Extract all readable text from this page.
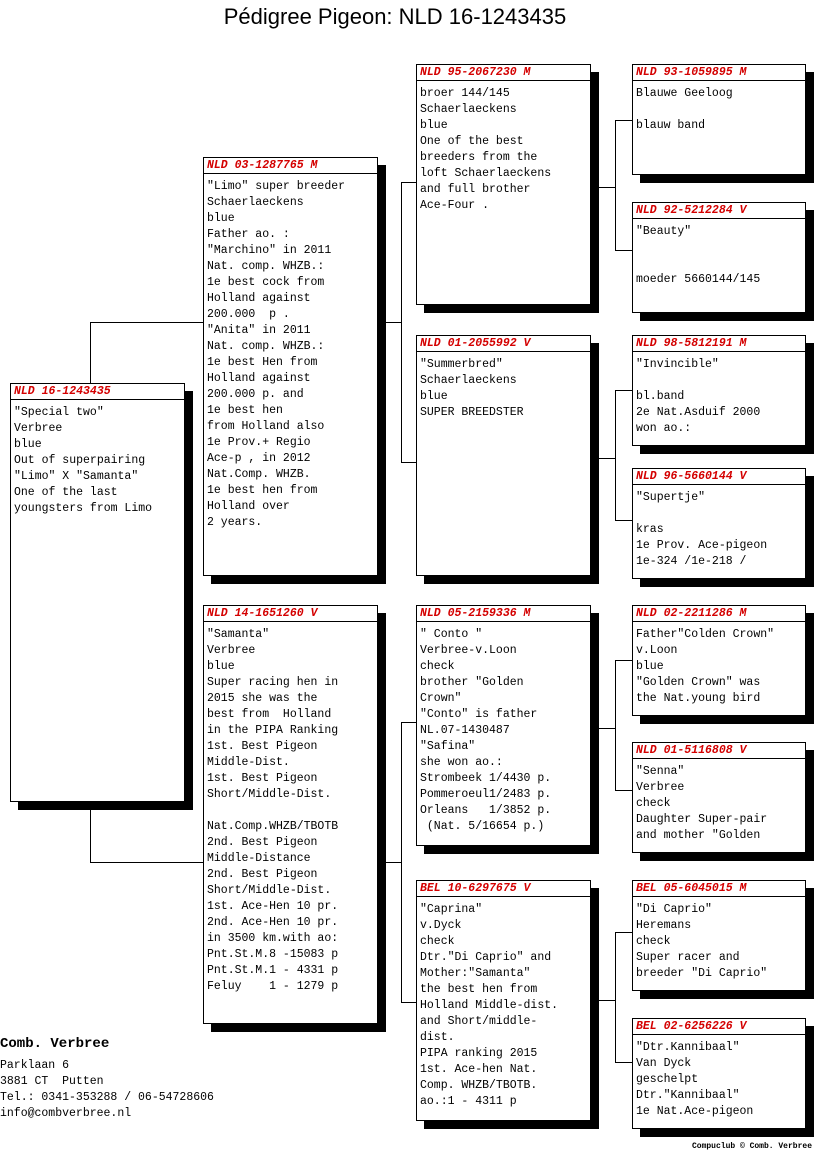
Pédigree Pigeon: NLD 16-1243435
NLD 16-1243435
"Special two"
Verbree
blue
Out of superpairing
"Limo" X "Samanta"
One of the last
youngsters from Limo
NLD 03-1287765 M
"Limo" super breeder
Schaerlaeckens
blue
Father ao. :
"Marchino" in 2011
Nat. comp. WHZB.:
1e best cock from
Holland against
200.000  p .
"Anita" in 2011
Nat. comp. WHZB.:
1e best Hen from
Holland against
200.000 p. and
1e best hen
from Holland also
1e Prov.+ Regio
Ace-p , in 2012
Nat.Comp. WHZB.
1e best hen from
Holland over
2 years.
NLD 14-1651260 V
"Samanta"
Verbree
blue
Super racing hen in
2015 she was the
best from  Holland
in the PIPA Ranking
1st. Best Pigeon
Middle-Dist.
1st. Best Pigeon
Short/Middle-Dist.

Nat.Comp.WHZB/TBOTB
2nd. Best Pigeon
Middle-Distance
2nd. Best Pigeon
Short/Middle-Dist.
1st. Ace-Hen 10 pr.
2nd. Ace-Hen 10 pr.
in 3500 km.with ao:
Pnt.St.M.8 -15083 p
Pnt.St.M.1 - 4331 p
Feluy    1 - 1279 p
NLD 95-2067230 M
broer 144/145
Schaerlaeckens
blue
One of the best
breeders from the
loft Schaerlaeckens
and full brother
Ace-Four .
NLD 01-2055992 V
"Summerbred"
Schaerlaeckens
blue
SUPER BREEDSTER
NLD 05-2159336 M
" Conto "
Verbree-v.Loon
check
brother "Golden
Crown"
"Conto" is father
NL.07-1430487
"Safina"
she won ao.:
Strombeek 1/4430 p.
Pommeroeul1/2483 p.
Orleans   1/3852 p.
(Nat. 5/16654 p.)
BEL 10-6297675 V
"Caprina"
v.Dyck
check
Dtr."Di Caprio" and
Mother:"Samanta"
the best hen from
Holland Middle-dist.
and Short/middle-
dist.
PIPA ranking 2015
1st. Ace-hen Nat.
Comp. WHZB/TBOTB.
ao.:1 - 4311 p
NLD 93-1059895 M
Blauwe Geeloog

blauw band
NLD 92-5212284 V
"Beauty"

moeder 5660144/145
NLD 98-5812191 M
"Invincible"

bl.band
2e Nat.Asduif 2000
won ao.:
NLD 96-5660144 V
"Supertje"

kras
1e Prov. Ace-pigeon
1e-324 /1e-218 /
NLD 02-2211286 M
Father"Colden Crown"
v.Loon
blue
"Golden Crown" was
the Nat.young bird
NLD 01-5116808 V
"Senna"
Verbree
check
Daughter Super-pair
and mother "Golden
BEL 05-6045015 M
"Di Caprio"
Heremans
check
Super racer and
breeder "Di Caprio"
BEL 02-6256226 V
"Dtr.Kannibaal"
Van Dyck
geschelpt
Dtr."Kannibaal"
1e Nat.Ace-pigeon
Comb. Verbree
Parklaan 6
3881 CT  Putten
Tel.: 0341-353288 / 06-54728606
info@combverbree.nl
Compuclub © Comb. Verbree
